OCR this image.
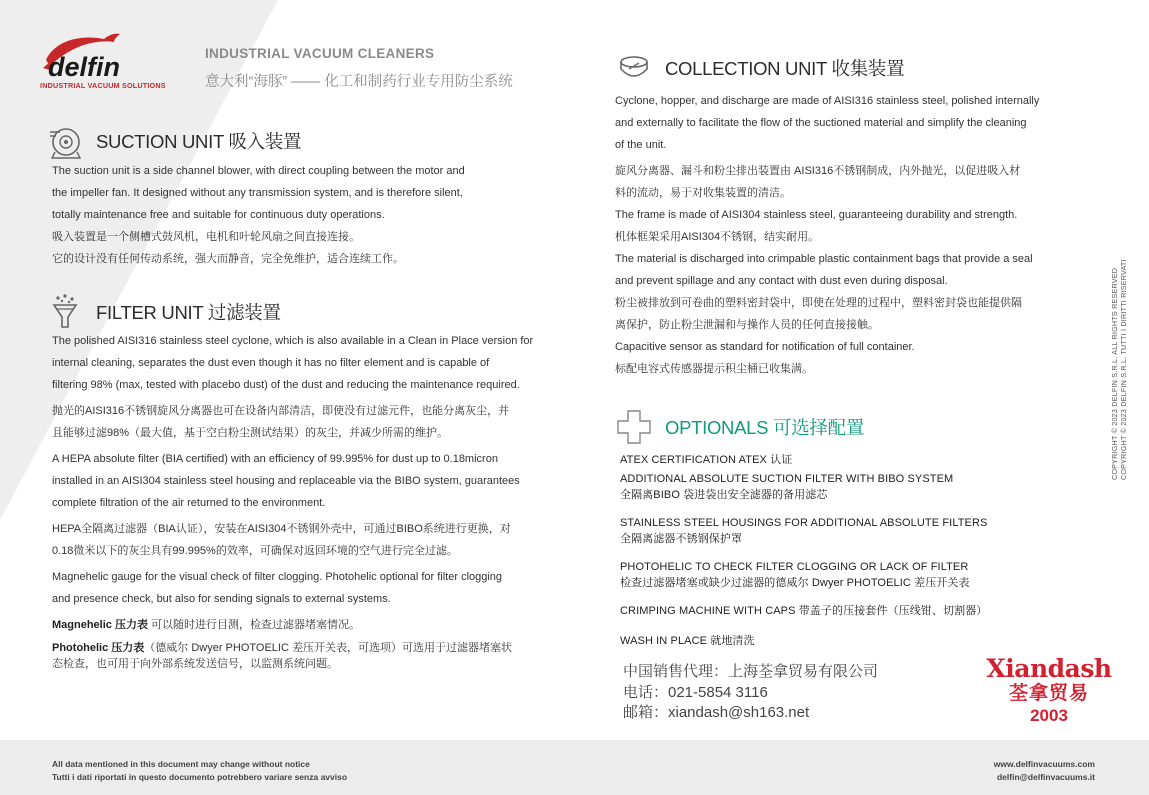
delfin
INDUSTRIAL VACUUM SOLUTIONS
INDUSTRIAL VACUUM CLEANERS
意大利“海豚” —— 化工和制药行业专用防尘系统
SUCTION UNIT 吸入装置

The suction unit is a side channel blower, with direct coupling between the motor and

the impeller fan. It designed without any transmission system, and is therefore silent,

totally maintenance free and suitable for continuous duty operations.

吸入装置是一个侧槽式鼓风机，电机和叶轮风扇之间直接连接。

它的设计没有任何传动系统，强大而静音，完全免维护，适合连续工作。

FILTER UNIT 过滤装置

The polished AISI316 stainless steel cyclone, which is also available in a Clean in Place version for

internal cleaning, separates the dust even though it has no filter element and is capable of

filtering 98% (max, tested with placebo dust) of the dust and reducing the maintenance required.

抛光的AISI316不锈钢旋风分离器也可在设备内部清洁，即使没有过滤元件，也能分离灰尘，并

且能够过滤98%（最大值，基于空白粉尘测试结果）的灰尘，并减少所需的维护。

A HEPA absolute filter (BIA certified) with an efficiency of 99.995% for dust up to 0.18micron

installed in an AISI304 stainless steel housing and replaceable via the BIBO system, guarantees

complete filtration of the air returned to the environment.

HEPA全隔离过滤器（BIA认证），安装在AISI304不锈钢外壳中，可通过BIBO系统进行更换，对

0.18微米以下的灰尘具有99.995%的效率，可确保对返回环境的空气进行完全过滤。

Magnehelic gauge for the visual check of filter clogging. Photohelic optional for filter clogging

and presence check, but also for sending signals to external systems.

Magnehelic 压力表 可以随时进行目测，检查过滤器堵塞情况。

Photohelic 压力表（德威尔 Dwyer PHOTOELIC 差压开关表，可选项）可选用于过滤器堵塞状

态检查，也可用于向外部系统发送信号，以监测系统问题。

COLLECTION UNIT 收集装置

Cyclone, hopper, and discharge are made of AISI316 stainless steel, polished internally

and externally to facilitate the flow of the suctioned material and simplify the cleaning

of the unit.

旋风分离器、漏斗和粉尘排出装置由 AISI316不锈钢制成，内外抛光，以促进吸入材

料的流动，易于对收集装置的清洁。

The frame is made of AISI304 stainless steel, guaranteeing durability and strength.

机体框架采用AISI304不锈钢，结实耐用。

The material is discharged into crimpable plastic containment bags that provide a seal

and prevent spillage and any contact with dust even during disposal.

粉尘被排放到可卷曲的塑料密封袋中，即使在处理的过程中，塑料密封袋也能提供隔

离保护，防止粉尘泄漏和与操作人员的任何直接接触。

Capacitive sensor as standard for notification of full container.

标配电容式传感器提示积尘桶已收集满。

OPTIONALS 可选择配置
ATEX CERTIFICATION ATEX 认证
ADDITIONAL ABSOLUTE SUCTION FILTER WITH BIBO SYSTEM
全隔离BIBO 袋进袋出安全滤器的备用滤芯
STAINLESS STEEL HOUSINGS FOR ADDITIONAL ABSOLUTE FILTERS
全隔离滤器不锈钢保护罩
PHOTOHELIC TO CHECK FILTER CLOGGING OR LACK OF FILTER
检查过滤器堵塞或缺少过滤器的德威尔 Dwyer PHOTOELIC 差压开关表
CRIMPING MACHINE WITH CAPS 带盖子的压接套件（压线钳、切割器）
WASH IN PLACE 就地清洗
中国销售代理：上海荃拿贸易有限公司
电话：021-5854 3116
邮箱：xiandash@sh163.net
Xiandash
荃拿贸易
2003
COPYRIGHT © 2023 DELFIN S.R.L. ALL RIGHTS RESERVED COPYRIGHT © 2023 DELFIN S.R.L. TUTTI I DIRITTI RISERVATI
All data mentioned in this document may change without notice
Tutti i dati riportati in questo documento potrebbero variare senza avviso
www.delfinvacuums.com
delfin@delfinvacuums.it
